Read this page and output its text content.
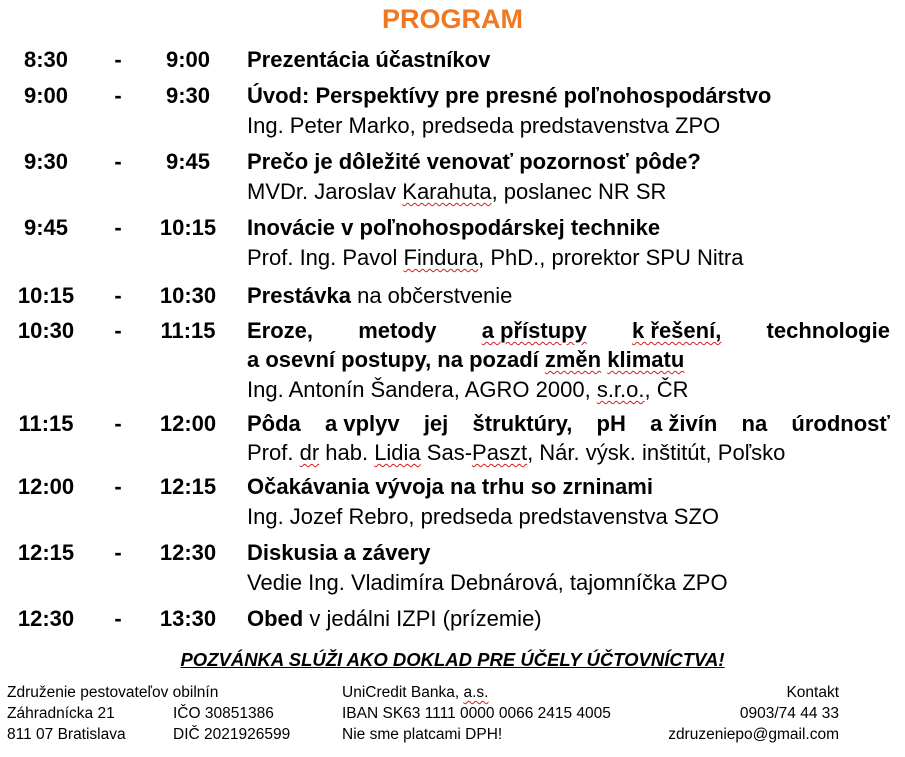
PROGRAM
8:30	-	9:00	Prezentácia účastníkov
9:00	-	9:30	Úvod: Perspektívy pre presné poľnohospodárstvo
Ing. Peter Marko, predseda predstavenstva ZPO
9:30	-	9:45	Prečo je dôležité venovať pozornosť pôde?
MVDr. Jaroslav Karahuta, poslanec NR SR
9:45	-	10:15	Inovácie v poľnohospodárskej technike
Prof. Ing. Pavol Findura, PhD., prorektor SPU Nitra
10:15	-	10:30	Prestávka na občerstvenie
10:30	-	11:15	Eroze, metody a přístupy k řešení, technologie
a osevní postupy, na pozadí změn klimatu
Ing. Antonín Šandera, AGRO 2000, s.r.o., ČR
11:15	-	12:00	Pôda a vplyv jej štruktúry, pH a živín na úrodnosť
Prof. dr hab. Lidia Sas-Paszt, Nár. výsk. inštitút, Poľsko
12:00	-	12:15	Očakávania vývoja na trhu so zrninami
Ing. Jozef Rebro, predseda predstavenstva SZO
12:15	-	12:30	Diskusia a závery
Vedie Ing. Vladimíra Debnárová, tajomníčka ZPO
12:30	-	13:30	Obed v jedálni IZPI (prízemie)
POZVÁNKA SLÚŽI AKO DOKLAD PRE ÚČELY ÚČTOVNÍCTVA!
Združenie pestovateľov obilnín
Záhradnícka 21
811 07 Bratislava
IČO 30851386
DIČ 2021926599
UniCredit Banka, a.s.
IBAN SK63 1111 0000 0066 2415 4005
Nie sme platcami DPH!
Kontakt
0903/74 44 33
zdruzeniepo@gmail.com
